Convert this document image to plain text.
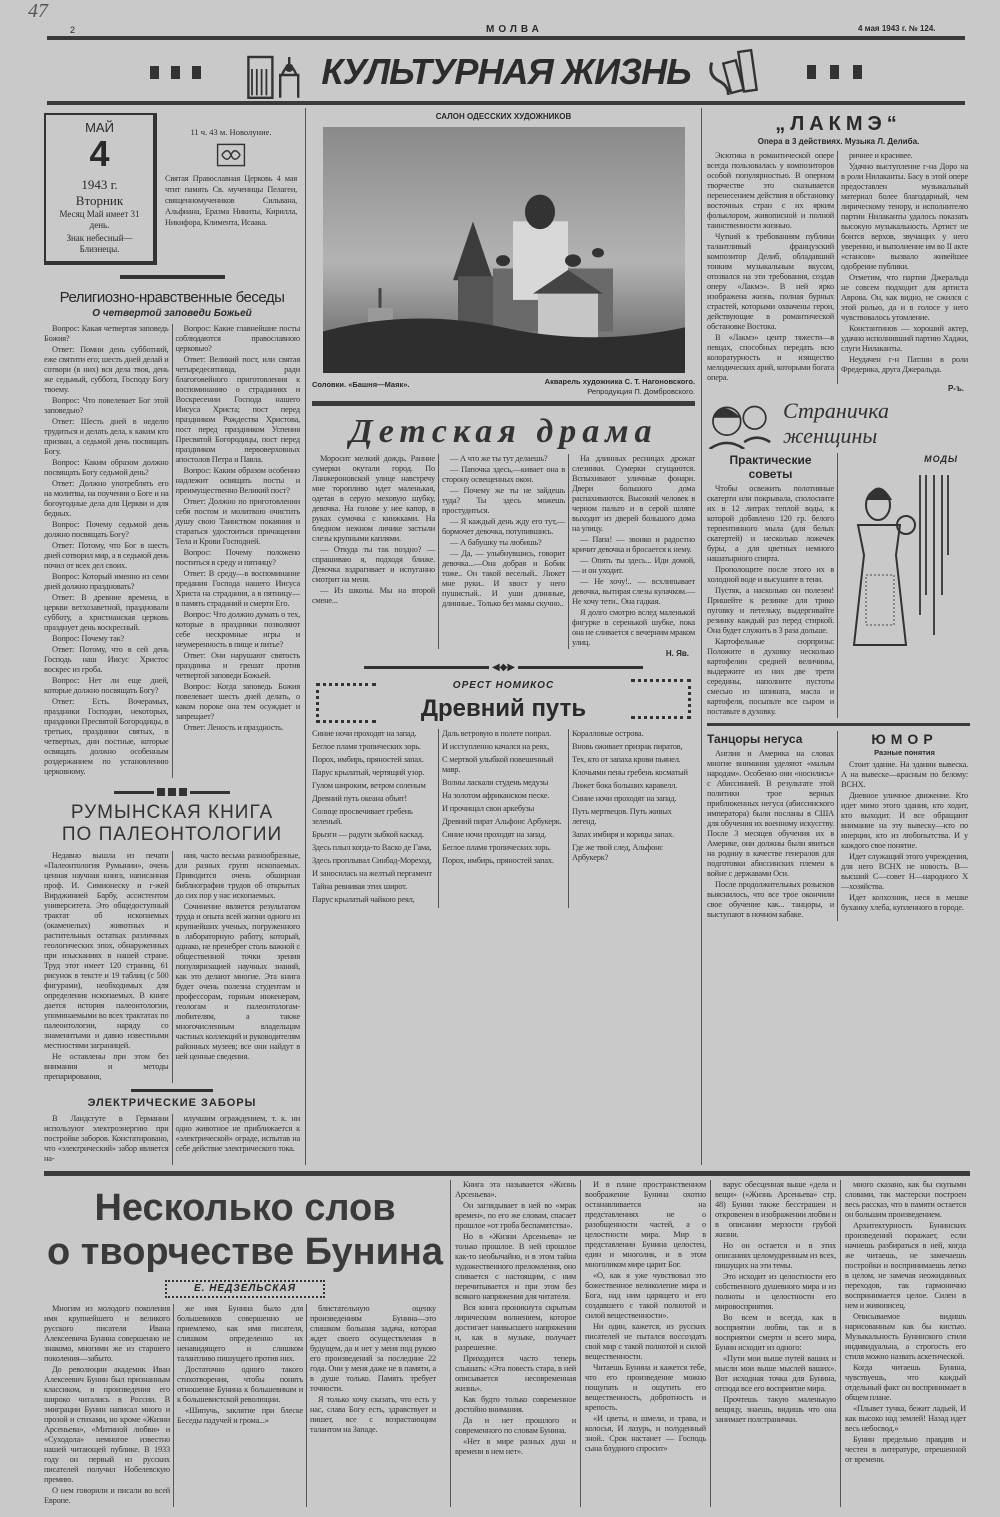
47
2	МОЛВА	4 мая 1943 г. № 124.
КУЛЬТУРНАЯ ЖИЗНЬ
МАЙ
4
1943 г.
Вторник
Месяц Май имеет 31 день.
Знак небесный—Близнецы.
11 ч. 43 м. Новолуние.
Святая Православная Церковь 4 мая чтит память Св. мученицы Пелагеи, священномучеников Сильвана, Альфиана, Еразма Никиты, Кирилла, Никифора, Климента, Исаака.
Религиозно-нравственные беседы
О четвертой заповеди Божьей

Вопрос: Какая четвертая заповедь Божия?

Ответ: Помни день субботний, еже святити его; шесть дней делай и сотвори (в них) вся дела твоя, день же седьмый, суббота, Господу Богу твоему.

Вопрос: Что повелевает Бог этой заповедью?

Ответ: Шесть дней в неделю трудиться и делать дела, к каким кто призван, а седьмой день посвящать Богу.

Вопрос: Каким образом должно посвящать Богу седьмой день?

Ответ: Должно употреблять его на молитвы, на поучения о Боге и на богоугодные дела для Церкви и для бедных.

Вопрос: Почему седьмой день должно посвящать Богу?

Ответ: Потому, что Бог в шесть дней сотворил мир, а в седьмой день почил от всех дел своих.

Вопрос: Который именно из семи дней должно праздновать?

Ответ: В древние времена, в церкви ветхозаветной, праздновали субботу, а христианская церковь празднует день воскресный.

Вопрос: Почему так?

Ответ: Потому, что в сей день Господь наш Иисус Христос воскрес из гроба.

Вопрос: Нет ли еще дней, которые должно посвящать Богу?

Ответ: Есть. Вочерамых, праздники Господни, некоторых, праздники Пресвятой Богородицы, в третьих, праздники святых, в четвертых, дни постные, которые освящать должно особенным роздержанием по установлению церковному.

Вопрос: Какие главнейшие посты соблюдаются православною церковью?

Ответ: Великий пост, или святая четыредесятница, ради благоговейного приготовления к воспоминанию о страданиях и Воскресении Господа нашего Иисуса Христа; пост перед праздником Рождества Христова, пост перед праздником Успения Пресвятой Богородицы, пост перед праздником первоверховных апостолов Петра и Павла.

Вопрос: Каким образом особенно надлежит освящать посты и преимущественно Великий пост?

Ответ: Должно по приготовлении себя постом и молитвою очистить душу свою Таинством покаяния и стараться удостоиться причащения Тела и Крови Господней.

Вопрос: Почему положено поститься в среду и пятницу?

Ответ: В среду—в воспоминание предания Господа нашего Иисуса Христа на страдания, а в пятницу—в память страданий и смерти Его.

Вопрос: Что должно думать о тех, которые в праздники позволяют себе нескромные игры и неумеренность в пище и питье?

Ответ: Они нарушают святость праздника и грешат против четвертой заповеди Божьей.

Вопрос: Когда заповедь Божия повелевает шесть дней делать, о каком пороке она тем осуждает и запрещает?

Ответ: Леность и праздность.

РУМЫНСКАЯ КНИГА
ПО ПАЛЕОНТОЛОГИИ

Недавно вышла из печати «Палеонтология Румынии», очень ценная научная книга, написанная проф. И. Симионеску и г-жей Вирджинией Барбу, ассистентом университета. Это общедоступный трактат об ископаемых (окаменелых) животных и растительных остатках различных геологических эпох, обнаруженных при изысканиях в нашей стране. Труд этот имеет 120 страниц, 61 рисунок в тексте и 19 таблиц (с 500 фигурами), необходимых для определения ископаемых. В книге дается история палеонтологии, упоминаемыми во всех трактатах по палеонтологии, наряду со знаменитыми и давно известными местностями заграницей.

Не оставлены при этом без внимания и методы препарирования,

ния, часто весьма разнообразные, для разных групп ископаемых. Приводится очень обширная библиография трудов об открытых до сих пор у нас ископаемых.

Сочинение является результатом труда и опыта всей жизни одного из крупнейших ученых, погруженного в лабораторную работу, который, однако, не пренебрег столь важной с общественной точки зрения популяризацией научных знаний, как это делают многие. Эта книга будет очень полезна студентам и профессорам, горным инженерам, геологам и палеонтологам-любителям, а также многочисленным владельцам частных коллекций и руководителям районных музеев; все они найдут в ней ценные сведения.

ЭЛЕКТРИЧЕСКИЕ ЗАБОРЫ

В Ландсгуте в Германии используют электроэнергию при постройке заборов. Констатировано, что «электрический» забор является на-

илучшим ограждением, т. к. ни одно животное не приближается к «электрической» ограде, испытав на себе действие электрического тока.

САЛОН ОДЕССКИХ ХУДОЖНИКОВ
Соловки. «Башня—Маяк».	Акварель художника С. Т. Нагоновского.
Репродукция П. Домбровского.
Детская драма

Моросит мелкий дождь. Ранние сумерки окутали город. По Ланжероновской улице навстречу мне торопливо идет маленькая, одетая в серую меховую шубку, девочка. На голове у нее капор, в руках сумочка с книжками. На бледном нежном личике застыли слезы крупными каплями.

— Откуда ты так поздно? — спрашиваю я, подходя ближе. Девочка вздрагивает и испуганно смотрит на меня.

— Из школы. Мы на второй смене...

— А что же ты тут делаешь?

— Папочка здесь,—кивает она в сторону освещенных окон.

— Почему же ты не зайдешь туда? Ты здесь можешь простудиться.

— Я каждый день жду его тут,—бормочет девочка, потупившись.

— А бабушку ты любишь?

— Да, — улыбнувшись, говорит девочка...—Она добрая и Бобик тоже.. Он такой веселый.. Лижет мне руки.. И хвост у него пушистый.. И уши длинные, длинные.. Только без мамы скучно..

На длинных ресницах дрожат слезинки. Сумерки сгущаются. Вспыхивают уличные фонари. Двери большого дома распахиваются. Высокий человек в черном пальто и в серой шляпе выходит из дверей большого дома на улицу.

— Папа! — звонко и радостно кричит девочка и бросается к нему.

— Опять ты здесь... Иди домой, — и он уходит.

— Не хочу!.. — всхлипывает девочка, вытирая слезы кулачком.—Не хочу тети.. Она гадкая.

Я долго смотрю вслед маленькой фигурке в серенькой шубке, пока она не сливается с вечерним мраком улиц.

Н. Яв.
◀◆▶
ОРЕСТ НОМИКОС
Древний путь

Синие ночи проходят на запад.

Беглое пламя тропических зорь.

Порох, имбирь, пряностей запах.

Парус крылатый, чертящий узор.

Гулом широким, ветром соленым

Древний путь океана объят!

Солнце просвечивает гребень зеленый.

Брызги — радуги зыбкой каскад.

Здесь плыл когда-то Васко де Гама,

Здесь проплывал Синбад-Мореход,

И заносилась на желтый пергамент

Тайна ревнивая этих широт.

Парус крылатый чайкою реял,

Даль ветровую в полете попрал.

И исступленно качался на реях,

С мертвой улыбкой повешенный мавр.

Волны ласкали студень медузы

На золотом африканском песке.

И прочищал свои аркебузы

Древний пират Альфонс Арбукерк.

Синие ночи проходят на запад.

Беглое пламя тропических зорь.

Порох, имбирь, пряностей запах.

Коралловые острова.

Вновь оживает призрак пиратов,

Тех, кто от запаха крови пьянел.

Клочьями пены гребень косматый

Лижет бока больших каравелл.

Синие ночи проходят на запад.

Путь мертвецов. Путь живых легенд.

Запах имбиря и корицы запах.

Где же твой след, Альфонс Арбукерк?

„ЛАКМЭ“
Опера в 3 действиях. Музыка Л. Делиба.

Экзотика в романтической опере всегда пользовалась у композиторов особой популярностью. В оперном творчестве это сказывается перенесением действия в обстановку восточных стран с их ярким фольклором, живописной и полной таинственности жизнью.

Чуткий к требованиям публики талантливый французский композитор Делиб, обладавший тонким музыкальным вкусом, отозвался на эти требования, создав оперу «Лакмэ». В ней ярко изображена жизнь, полная бурных страстей, которыми охвачены герои, действующие в романтической обстановке Востока.

В «Лакмэ» центр тяжести—в певцах, способных передать всю колоратурность и изящество мелодических арий, которыми богата опера.

ричнее и красивее.

Удачно выступление г-на Доро на в роли Нилаканты. Басу в этой опере предоставлен музыкальный материал более благодарный, чем лирическому тенору, и исполнителю партии Нилаканты удалось показать высокую музыкальность. Артист не боится верхов, звучащих у него уверенно, и выполнение им во II акте «стансов» вызвало живейшее одобрение публики.

Отметим, что партия Джеральда не совсем подходит для артиста Аврова. Он, как видно, не сжился с этой ролью, да и в голосе у него чувствовалось утомление.

Константинов — хороший актер, удачно исполнивший партию Хаджи, слуги Нилаканты.

Неудачен г-н Патлин в роли Фредерика, друга Джеральда.

Р-ъ.
Страничка женщины
Практические советы

Чтобы освежить полотняные скатерти или покрывала, сполосните их в 12 литрах теплой воды, к которой добавлено 120 гр. белого терпентинного мыла (для белых скатертей) и несколько ложечек буры, а для цветных немного нашатырного спирта.

Прополощите после этого их в холодной воде и высушите в тени.

Пустяк, а насколько он полезен! Пришейте к резинке для трико пуговку и петельку, выдергивайте резинку каждый раз перед стиркой. Она будет служить в 3 раза дольше.

Картофельные сюрпризы: Положите в духовку несколько картофелин средней величины, выдержите из них две трети середины, наполните пустоты смесью из шпината, масла и картофеля, посыпьте все сыром и поставьте в духовку.

МОДЫ
Танцоры негуса

Англия и Америка на словах многие внимания уделяют «малым народам». Особенно они «носились» с Абиссинией. В результате этой политики трое верных приближенных негуса (абиссинского императора) были посланы в США для обучения их военному искусству. После 3 месяцев обучения их в Америке, они должны были явиться на родину в качестве генералов для подготовки абиссинских племен к войне с державами Оси.

После продолжительных розысков выяснилось, что все трое окончили свое обучение как... танцоры, и выступают в ночном кабаке.

ЮМОР
Разные понятия

Стоит здание. На здании вывеска. А на вывеске—красным по белому: ВСНХ.

Дневное уличное движение. Кто идет мимо этого здания, кто ходит, кто выходит. И все обращают внимание на эту вывеску—кто по инерции, кто из любопытства. И у каждого свое понятие.

Идет служащий этого учреждения, для него ВСНХ не новость. В—высший С—совет Н—народного Х—хозяйства.

Идет колхозник, неся в мешке буханку хлеба, купленного в городе.

Несколько слов
о творчестве Бунина
Е. НЕДЗЕЛЬСКАЯ

Многим из молодого поколения имя крупнейшего и великого русского писателя Ивана Алексеевича Бунина совершенно не знакомо, многими же из старшего поколения—забыто.

До революции академик Иван Алексеевич Бунин был признанным классиком, и произведения его широко читались в России. В эмиграции Бунин написал много и прозой и стихами, но кроме «Жизни Арсеньева», «Митиной любви» и «Суходола» немногое известно нашей читающей публике. В 1933 году он первый из русских писателей получил Нобелевскую премию.

О нем говорили и писали во всей Европе.

же имя Бунина было для большевиков совершенно не приемлемо, как имя писателя, слишком определенно их ненавидящего и слишком талантливо пишущего против них.

Достаточно одного такого стихотворения, чтобы понять отношение Бунина к большевикам и к большевистской революции.

«Шипучь, заклятие при блеске Беседы падучей и грома...»

блистательную оценку произведениям Бунина—это слишком большая задача, которая ждет своего осуществления в будущем, да и нет у меня под рукою его произведений за последние 22 года. Они у меня даже не в памяти, а в душе только. Память требует точности.

Я только хочу сказать, что есть у нас, слава Богу есть, здравствует и пишет, все с возрастающим талантом на Западе.

Книга эта называется «Жизнь Арсеньева».

Он заглядывает в ней во «мрак времен», по его же словам, спасает прошлое «от гроба беспамятства».

Но в «Жизни Арсеньева» не только прошлое. В ней прошлое как-то необычайно, и в этом тайна художественного преломления, оно сливается с настоящим, с ним перечитывается и при этом без всякого напряжения для читателя.

Вся книга проникнута скрытым лирическим волнением, которое достигает наивысшего напряжения и, как в музыке, получает разрешение.

Приходится часто теперь слышать: «Эта повесть стара, в ней описывается несовременная жизнь».

Как будто только современное достойно внимания.

Да и нет прошлого и современного по словам Бунина.

«Нет в мире разных душ и времени в нем нет».

И в плане пространственном воображение Бунина охотно останавливается на представлениях не о разобщенности частей, а о целостности мира. Мир в представлении Бунина целостен, един и многолик, и в этом многоликом мире царит Бог.

«О, как я уже чувствовал это божественное великолепие мира и Бога, над ним царящего и его создавшего с такой полнотой и силой вещественности».

Ни один, кажется, из русских писателей не пытался воссоздать свой мир с такой полнотой и силой вещественности.

Читаешь Бунина и кажется тебе, что его произведение можно пощупать и ощутить его вещественность, добротность и крепость.

«И цветы, и шмели, и трава, и колосья, И лазурь, и полуденный зной.. Срок настанет — Господь сына блудного спросит»

варус обесценная выше «дела и вещи» («Жизнь Арсеньева» стр. 48) Бунин также бесстрашен и откровенен в изображении любви и в описании мерзости грубой жизни.

Но он остается и в этих описаниях целомудренным из всех, пишущих на эти темы.

Это исходит из целостности его собственного душевного мира и из полноты и целостности его мировосприятия.

Во всем и всегда, как в восприятии любви, так и в восприятии смерти и всего мира, Бунин исходит из одного:

«Пути мои выше путей ваших и мысли мои выше мыслей ваших». Вот исходная точка для Бунина, отсюда все его восприятие мира.

Прочтешь такую маленькую вещицу, знаешь, видишь что она занимает полстранички.

много сказано, как бы скупыми словами, так мастерски построен весь рассказ, что в памяти остается он большим произведением.

Архитектурность Бунинских произведений поражает, если начнешь разбираться в ней, когда же читаешь, не замечаешь постройки и воспринимаешь легко в целом, не замечая неожиданных переходов, так гармонично воспринимается целое. Силен в нем и живописец.

Описываемое видишь нарисованным как бы кистью. Музыкальность Бунинского стиля индивидуальна, а строгость его стиля можно назвать аскетической.

Когда читаешь Бунина, чувствуешь, что каждый отдельный факт он воспринимает в общем плане.

«Плывет тучка, бежит ладьей, И как высоко над землей! Назад идет весь небосвод.»

Бунин предельно правдив и честен в литературе, отрешенной от времени.
